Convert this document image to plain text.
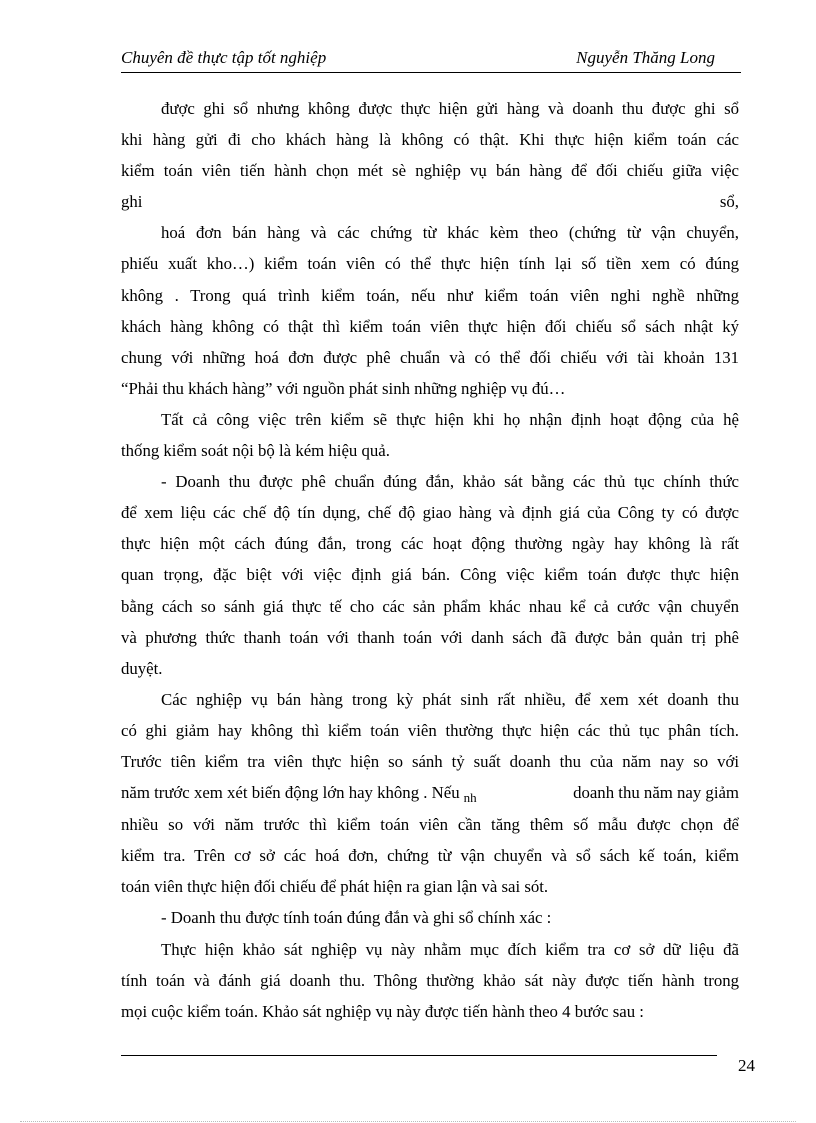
Chuyên đề thực tập tốt nghiệp	Nguyễn Thăng Long
được ghi sổ nhưng không được thực hiện gửi hàng và doanh thu được ghi sổ
khi hàng gửi đi cho khách hàng là không có thật. Khi thực hiện kiểm toán các
kiểm toán viên tiến hành chọn mét sè nghiệp vụ bán hàng để đối chiếu giữa việc
ghi	sổ,
hoá đơn bán hàng và các chứng từ khác kèm theo (chứng từ vận chuyển,
phiếu xuất kho…) kiểm toán viên có thể thực hiện tính lại số tiền xem có đúng
không . Trong quá trình kiểm toán, nếu như kiểm toán viên nghi nghề những
khách hàng không có thật thì kiểm toán viên thực hiện đối chiếu sổ sách nhật ký
chung với những hoá đơn được phê chuẩn và có thể đối chiếu với tài khoản 131
“Phải thu khách hàng” với nguồn phát sinh những nghiệp vụ đú…
Tất cả công việc trên kiểm sẽ thực hiện khi họ nhận định hoạt động của hệ
thống kiểm soát nội bộ là kém hiệu quả.
- Doanh thu được phê chuẩn đúng đắn, khảo sát bằng các thủ tục chính thức
để xem liệu các chế độ tín dụng, chế độ giao hàng và định giá của Công ty có được
thực hiện một cách đúng đắn, trong các hoạt động thường ngày hay không là rất
quan trọng, đặc biệt với việc định giá bán. Công việc kiểm toán được thực hiện
bằng cách so sánh giá thực tế cho các sản phẩm khác nhau kể cả cước vận chuyển
và phương thức thanh toán với thanh toán với danh sách đã được bản quản trị phê
duyệt.
Các nghiệp vụ bán hàng trong kỳ phát sinh rất nhiều, để xem xét doanh thu
có ghi giảm hay không thì kiểm toán viên thường thực hiện các thủ tục phân tích.
Trước tiên kiểm tra viên thực hiện so sánh tỷ suất doanh thu của năm nay so với
năm trước xem xét biến động lớn hay không . Nếu $_{nh}$	doanh thu năm nay giảm
nhiều so với năm trước thì kiểm toán viên cần tăng thêm số mẫu được chọn để
kiểm tra. Trên cơ sở các hoá đơn, chứng từ vận chuyển và sổ sách kế toán, kiểm
toán viên thực hiện đối chiếu để phát hiện ra gian lận và sai sót.
- Doanh thu được tính toán đúng đắn và ghi sổ chính xác :
Thực hiện khảo sát nghiệp vụ này nhằm mục đích kiểm tra cơ sở dữ liệu đã
tính toán và đánh giá doanh thu. Thông thường khảo sát này được tiến hành trong
mọi cuộc kiểm toán. Khảo sát nghiệp vụ này được tiến hành theo 4 bước sau :
24
